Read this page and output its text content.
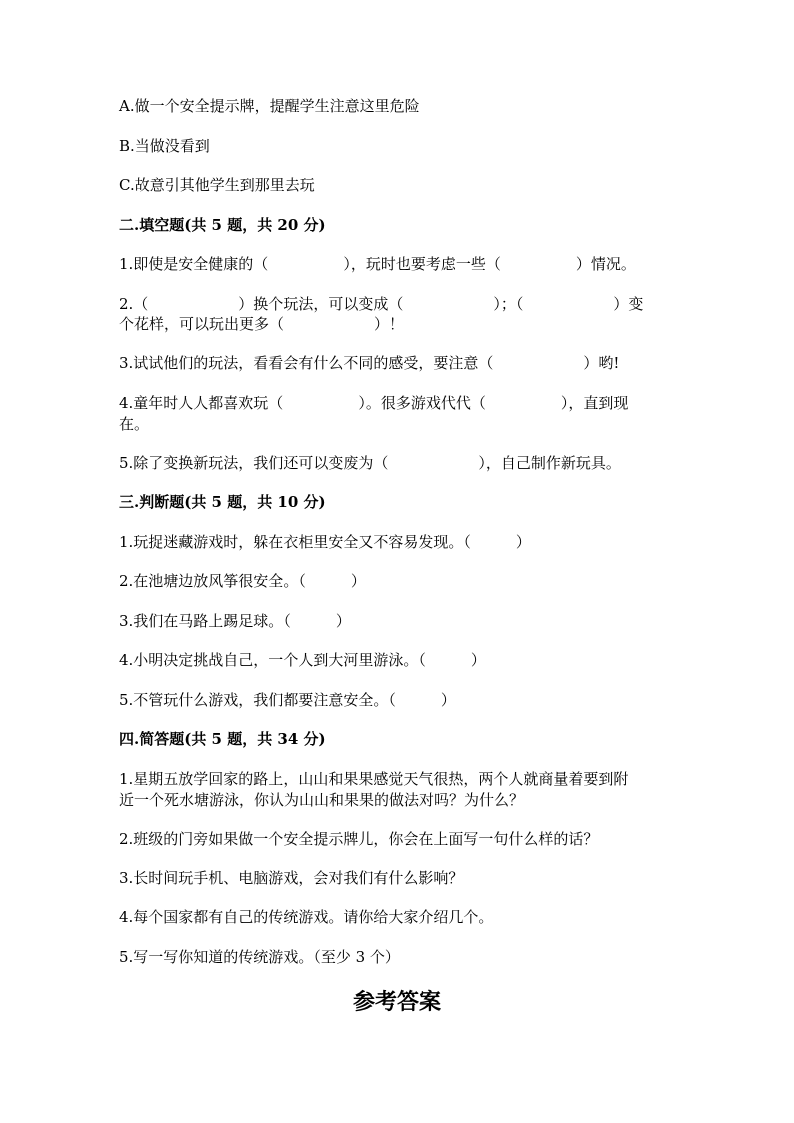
A.做一个安全提示牌，提醒学生注意这里危险
B.当做没看到
C.故意引其他学生到那里去玩
二.填空题(共 5 题，共 20 分)
1.即使是安全健康的（　　　　　），玩时也要考虑一些（　　　　　）情况。
2.（　　　　　　）换个玩法，可以变成（　　　　　　）；（　　　　　　）变
个花样，可以玩出更多（　　　　　　）！
3.试试他们的玩法，看看会有什么不同的感受，要注意（　　　　　　）哟!
4.童年时人人都喜欢玩（　　　　　）。很多游戏代代（　　　　　），直到现
在。
5.除了变换新玩法，我们还可以变废为（　　　　　　），自己制作新玩具。
三.判断题(共 5 题，共 10 分)
1.玩捉迷藏游戏时，躲在衣柜里安全又不容易发现。（　　　）
2.在池塘边放风筝很安全。（　　　）
3.我们在马路上踢足球。（　　　）
4.小明决定挑战自己，一个人到大河里游泳。（　　　）
5.不管玩什么游戏，我们都要注意安全。（　　　）
四.简答题(共 5 题，共 34 分)
1.星期五放学回家的路上，山山和果果感觉天气很热，两个人就商量着要到附
近一个死水塘游泳，你认为山山和果果的做法对吗？为什么？
2.班级的门旁如果做一个安全提示牌儿，你会在上面写一句什么样的话？
3.长时间玩手机、电脑游戏，会对我们有什么影响？
4.每个国家都有自己的传统游戏。请你给大家介绍几个。
5.写一写你知道的传统游戏。（至少 3 个）
参考答案
